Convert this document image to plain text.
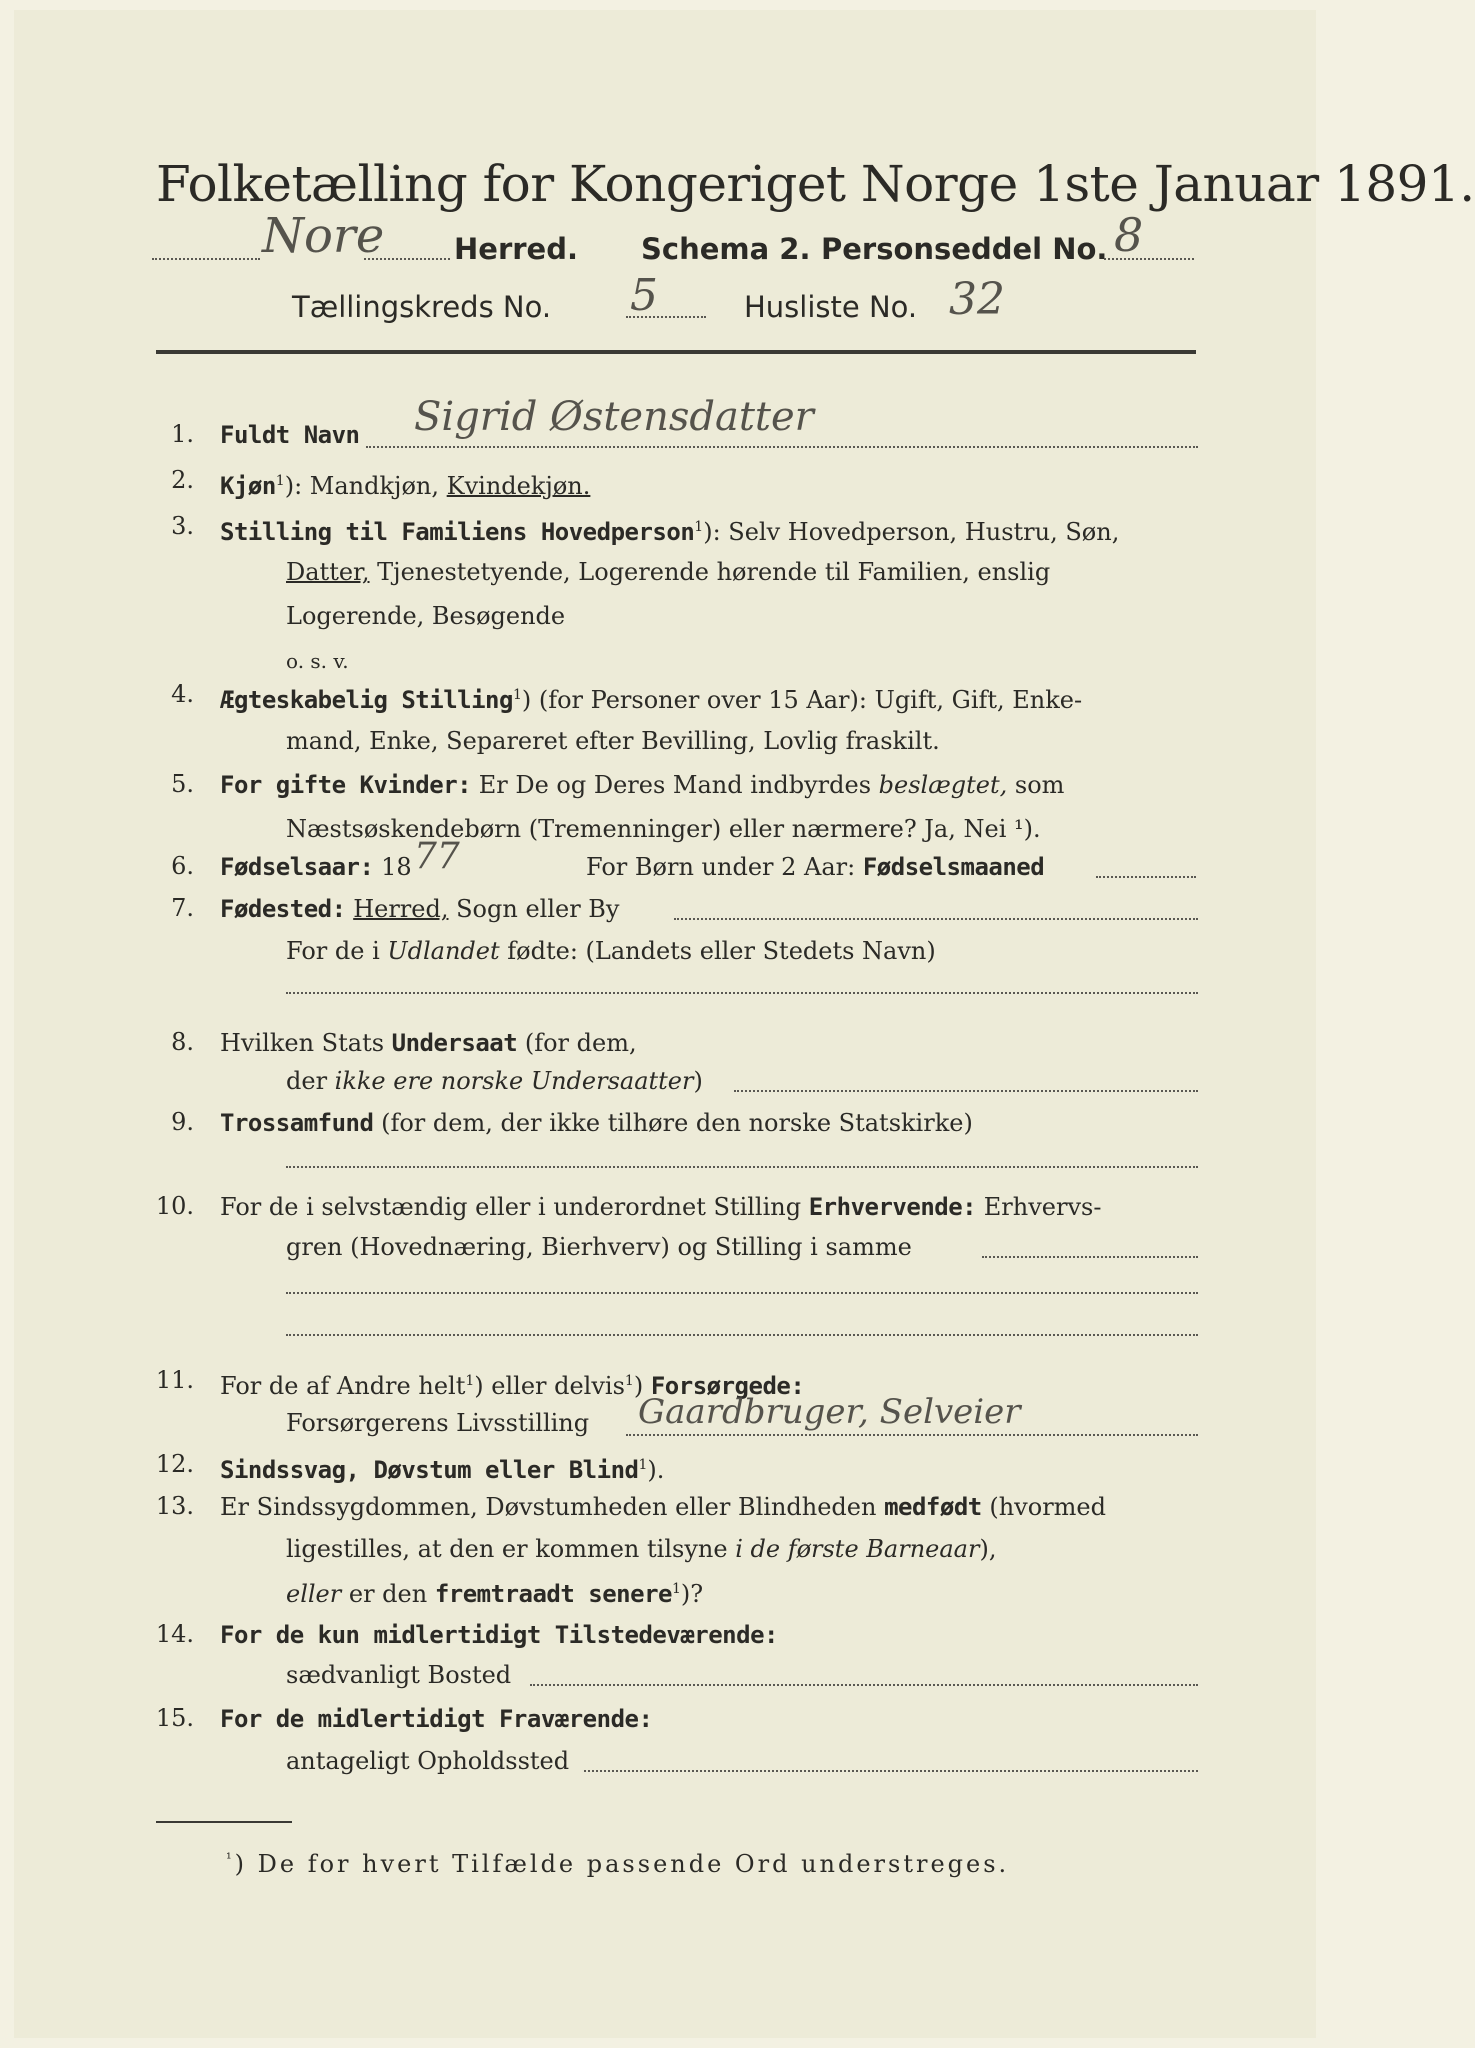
Folketælling for Kongeriget Norge 1ste Januar 1891.
Nore Herred. Schema 2. Personseddel No. 8
Tællingskreds No. 5	Husliste No. 32
1. Fuldt Navn Sigrid Østensdatter
2. Kjøn$^1$): Mandkjøn, Kvindekjøn.
3. Stilling til Familiens Hovedperson$^1$): Selv Hovedperson, Hustru, Søn,
Datter, Tjenestetyende, Logerende hørende til Familien, enslig
Logerende, Besøgende
o. s. v.
4. Ægteskabelig Stilling$^1$) (for Personer over 15 Aar): Ugift, Gift, Enke-
mand, Enke, Separeret efter Bevilling, Lovlig fraskilt.
5. For gifte Kvinder: Er De og Deres Mand indbyrdes beslægtet, som
Næstsøskendebørn (Tremenninger) eller nærmere? Ja, Nei ¹).
6. Fødselsaar: 18 77	For Børn under 2 Aar: Fødselsmaaned
7. Fødested: Herred, Sogn eller By
For de i Udlandet fødte: (Landets eller Stedets Navn)
8. Hvilken Stats Undersaat (for dem,
der ikke ere norske Undersaatter)
9. Trossamfund (for dem, der ikke tilhøre den norske Statskirke)
10. For de i selvstændig eller i underordnet Stilling Erhvervende: Erhvervs-
gren (Hovednæring, Bierhverv) og Stilling i samme
11. For de af Andre helt$^1$) eller delvis$^1$) Forsørgede:
Forsørgerens Livsstilling Gaardbruger, Selveier
12. Sindssvag, Døvstum eller Blind$^1$).
13. Er Sindssygdommen, Døvstumheden eller Blindheden medfødt (hvormed
ligestilles, at den er kommen tilsyne i de første Barneaar),
eller er den fremtraadt senere$^1$)?
14. For de kun midlertidigt Tilstedeværende:
sædvanligt Bosted
15. For de midlertidigt Fraværende:
antageligt Opholdssted
$^{^1}$) De for hvert Tilfælde passende Ord understreges.
